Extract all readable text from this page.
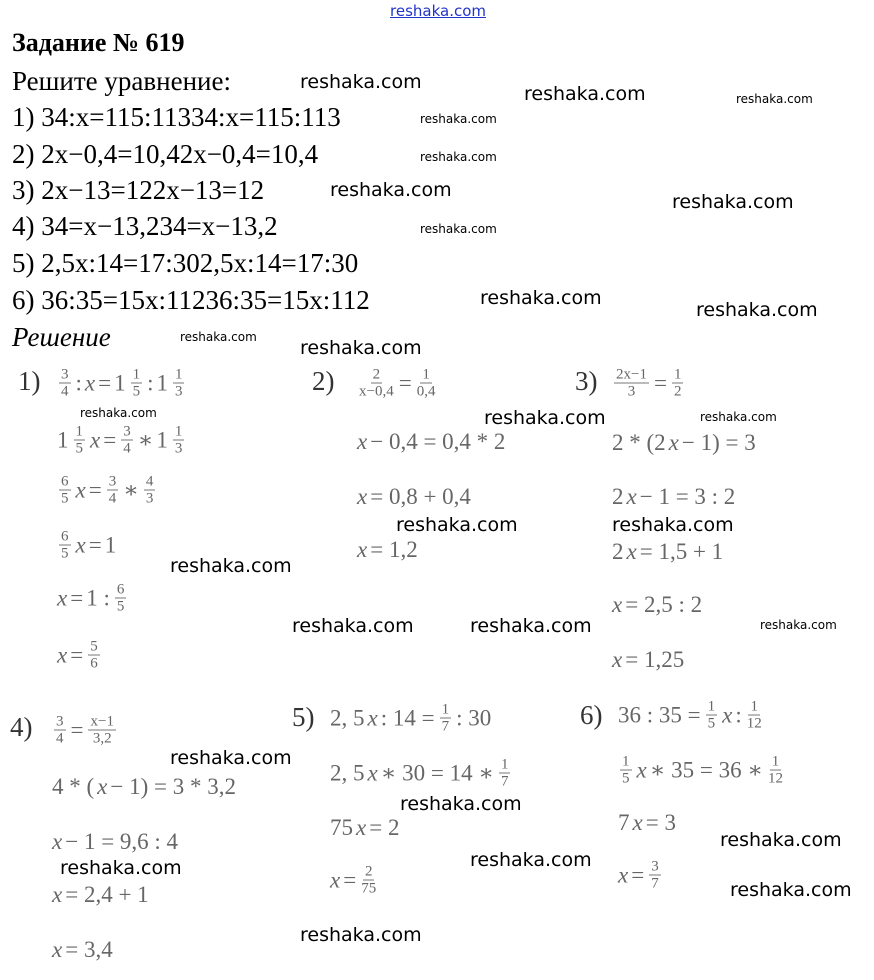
reshaka.com
Задание № 619
Решите уравнение:
1) 34:x=115:11334:x=115:113
2) 2x−0,4=10,42x−0,4=10,4
3) 2x−13=122x−13=12
4) 34=x−13,234=x−13,2
5) 2,5x:14=17:302,5x:14=17:30
6) 36:35=15x:11236:35=15x:112
Решение
$1) \frac{3}{4}$ : $x = 1 \frac{1}{5}$ : $1 \frac{1}{3}$
$1 \frac{1}{5}$ $x = \frac{3}{4}$ ∗ $1 \frac{1}{3}$
$\frac{6}{5}$ $x = \frac{3}{4}$ ∗ $\frac{4}{3}$
$\frac{6}{5}$ x = 1
x = 1 : $\frac{6}{5}$
$x = \frac{5}{6}$
$2) \frac{2}{x-0,4} = \frac{1}{0,4}$
x − 0,4 = 0,4 * 2
x = 0,8 + 0,4
x = 1,2
$3) \frac{2x-1}{3} = \frac{1}{2}$
2 * (2 x − 1) = 3
2 x − 1 = 3 : 2
2 x = 1,5 + 1
x = 2,5 : 2
x = 1,25
$4) \frac{3}{4} = \frac{x-1}{3,2}$
4 * ( x − 1) = 3 * 3,2
x − 1 = 9,6 : 4
x = 2,4 + 1
x = 3,4
5) 2, 5 x : $14 = \frac{1}{7}$ : 30
2, 5 x ∗ 30 = 14 ∗ $\frac{1}{7}$
75 x = 2
$x = \frac{2}{75}$
6) 36 : $35 = \frac{1}{5}$ x : $\frac{1}{12}$
$\frac{1}{5}$ x ∗ 35 = 36 ∗ $\frac{1}{12}$
7 x = 3
$x = \frac{3}{7}$
reshaka.com
reshaka.com	reshaka.com
reshaka.com
reshaka.com
reshaka.com
reshaka.com
reshaka.com
reshaka.com
reshaka.com
reshaka.com reshaka.com
reshaka.com	reshaka.com	reshaka.com
reshaka.com	reshaka.com
reshaka.com
reshaka.com	reshaka.com	reshaka.com
reshaka.com
reshaka.com
reshaka.com
reshaka.com
reshaka.com
reshaka.com
reshaka.com
